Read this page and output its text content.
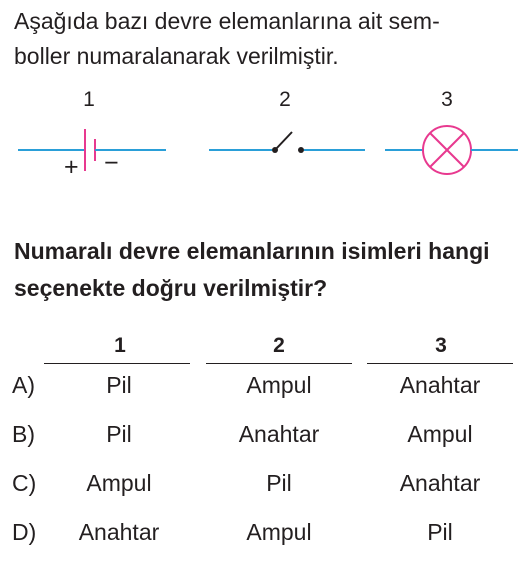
Aşağıda bazı devre elemanlarına ait sem-
boller numaralanarak verilmiştir.

1	2	3
+ −

Numaralı devre elemanlarının isimleri hangi seçenekte doğru verilmiştir?

1	2	3
A)	Pil	Ampul	Anahtar
B)	Pil	Anahtar	Ampul
C)	Ampul	Pil	Anahtar
D)	Anahtar	Ampul	Pil
